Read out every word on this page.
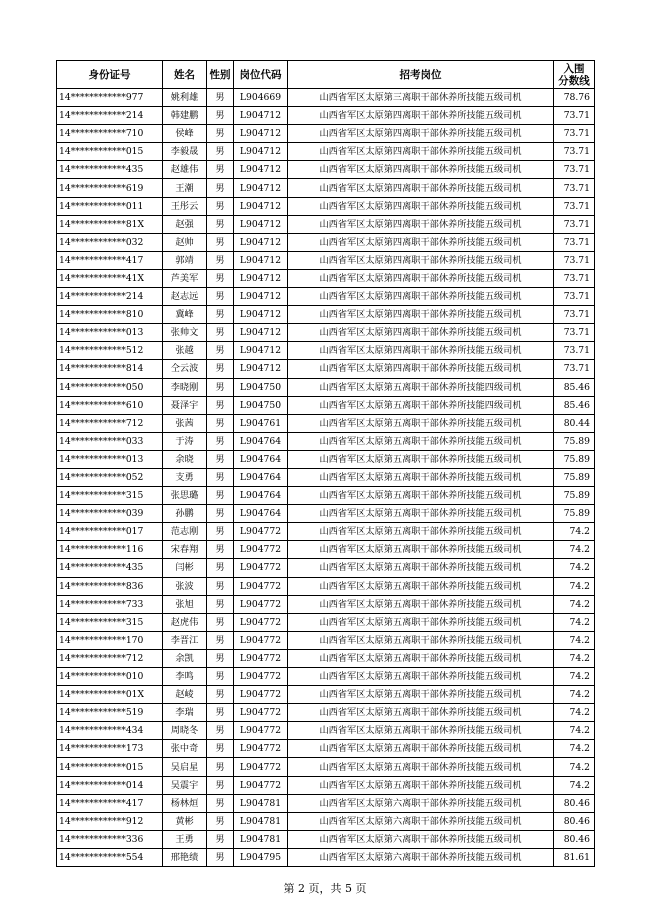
身份证号	姓名	性别	岗位代码	招考岗位	入围
分数线
14************977	姚利雄	男	L904669	山西省军区太原第三离职干部休养所技能五级司机	78.76
14************214	韩建鹏	男	L904712	山西省军区太原第四离职干部休养所技能五级司机	73.71
14************710	侯峰	男	L904712	山西省军区太原第四离职干部休养所技能五级司机	73.71
14************015	李毅晟	男	L904712	山西省军区太原第四离职干部休养所技能五级司机	73.71
14************435	赵雄伟	男	L904712	山西省军区太原第四离职干部休养所技能五级司机	73.71
14************619	王潮	男	L904712	山西省军区太原第四离职干部休养所技能五级司机	73.71
14************011	王彤云	男	L904712	山西省军区太原第四离职干部休养所技能五级司机	73.71
14************81X	赵强	男	L904712	山西省军区太原第四离职干部休养所技能五级司机	73.71
14************032	赵帅	男	L904712	山西省军区太原第四离职干部休养所技能五级司机	73.71
14************417	郭靖	男	L904712	山西省军区太原第四离职干部休养所技能五级司机	73.71
14************41X	芦美军	男	L904712	山西省军区太原第四离职干部休养所技能五级司机	73.71
14************214	赵志远	男	L904712	山西省军区太原第四离职干部休养所技能五级司机	73.71
14************810	冀峰	男	L904712	山西省军区太原第四离职干部休养所技能五级司机	73.71
14************013	张帅文	男	L904712	山西省军区太原第四离职干部休养所技能五级司机	73.71
14************512	张越	男	L904712	山西省军区太原第四离职干部休养所技能五级司机	73.71
14************814	仝云波	男	L904712	山西省军区太原第四离职干部休养所技能五级司机	73.71
14************050	李晓刚	男	L904750	山西省军区太原第五离职干部休养所技能四级司机	85.46
14************610	聂泽宇	男	L904750	山西省军区太原第五离职干部休养所技能四级司机	85.46
14************712	张茜	男	L904761	山西省军区太原第五离职干部休养所技能五级司机	80.44
14************033	于涛	男	L904764	山西省军区太原第五离职干部休养所技能五级司机	75.89
14************013	余晓	男	L904764	山西省军区太原第五离职干部休养所技能五级司机	75.89
14************052	支勇	男	L904764	山西省军区太原第五离职干部休养所技能五级司机	75.89
14************315	张思璐	男	L904764	山西省军区太原第五离职干部休养所技能五级司机	75.89
14************039	孙鹏	男	L904764	山西省军区太原第五离职干部休养所技能五级司机	75.89
14************017	范志刚	男	L904772	山西省军区太原第五离职干部休养所技能五级司机	74.2
14************116	宋春翔	男	L904772	山西省军区太原第五离职干部休养所技能五级司机	74.2
14************435	闫彬	男	L904772	山西省军区太原第五离职干部休养所技能五级司机	74.2
14************836	张波	男	L904772	山西省军区太原第五离职干部休养所技能五级司机	74.2
14************733	张旭	男	L904772	山西省军区太原第五离职干部休养所技能五级司机	74.2
14************315	赵虎伟	男	L904772	山西省军区太原第五离职干部休养所技能五级司机	74.2
14************170	李晋江	男	L904772	山西省军区太原第五离职干部休养所技能五级司机	74.2
14************712	余凯	男	L904772	山西省军区太原第五离职干部休养所技能五级司机	74.2
14************010	李鸣	男	L904772	山西省军区太原第五离职干部休养所技能五级司机	74.2
14************01X	赵崚	男	L904772	山西省军区太原第五离职干部休养所技能五级司机	74.2
14************519	李瑞	男	L904772	山西省军区太原第五离职干部休养所技能五级司机	74.2
14************434	周晓冬	男	L904772	山西省军区太原第五离职干部休养所技能五级司机	74.2
14************173	张中奇	男	L904772	山西省军区太原第五离职干部休养所技能五级司机	74.2
14************015	吴启星	男	L904772	山西省军区太原第五离职干部休养所技能五级司机	74.2
14************014	吴震宇	男	L904772	山西省军区太原第五离职干部休养所技能五级司机	74.2
14************417	杨林烜	男	L904781	山西省军区太原第六离职干部休养所技能五级司机	80.46
14************912	黄彬	男	L904781	山西省军区太原第六离职干部休养所技能五级司机	80.46
14************336	王勇	男	L904781	山西省军区太原第六离职干部休养所技能五级司机	80.46
14************554	邢艳绩	男	L904795	山西省军区太原第六离职干部休养所技能五级司机	81.61
第 2 页，共 5 页
